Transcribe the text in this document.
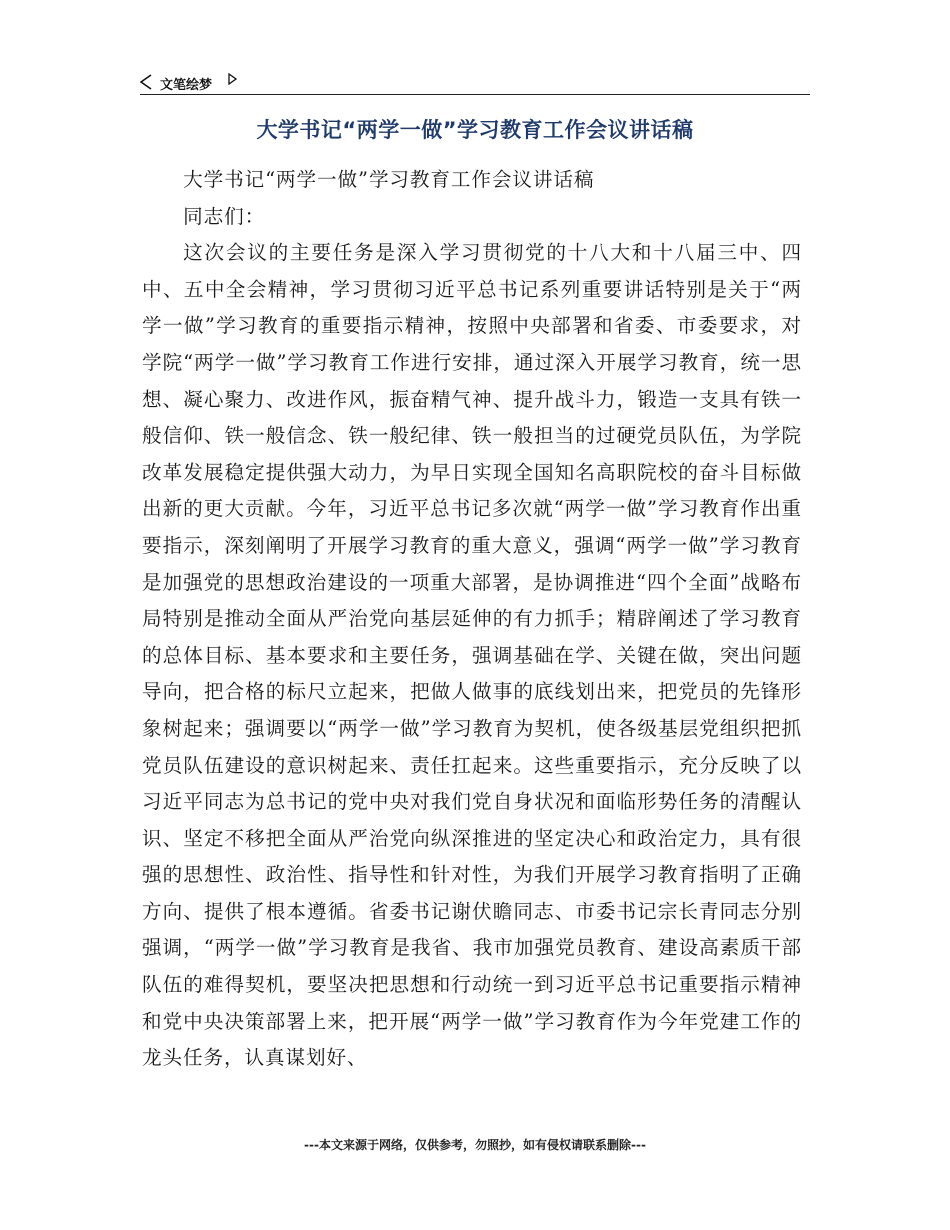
文笔绘梦
大学书记“两学一做”学习教育工作会议讲话稿

大学书记“两学一做”学习教育工作会议讲话稿

同志们：

这次会议的主要任务是深入学习贯彻党的十八大和十八届三中、四中、五中全会精神，学习贯彻习近平总书记系列重要讲话特别是关于“两学一做”学习教育的重要指示精神，按照中央部署和省委、市委要求，对学院“两学一做”学习教育工作进行安排，通过深入开展学习教育，统一思想、凝心聚力、改进作风，振奋精气神、提升战斗力，锻造一支具有铁一般信仰、铁一般信念、铁一般纪律、铁一般担当的过硬党员队伍，为学院改革发展稳定提供强大动力，为早日实现全国知名高职院校的奋斗目标做出新的更大贡献。今年，习近平总书记多次就“两学一做”学习教育作出重要指示，深刻阐明了开展学习教育的重大意义，强调“两学一做”学习教育是加强党的思想政治建设的一项重大部署，是协调推进“四个全面”战略布局特别是推动全面从严治党向基层延伸的有力抓手；精辟阐述了学习教育的总体目标、基本要求和主要任务，强调基础在学、关键在做，突出问题导向，把合格的标尺立起来，把做人做事的底线划出来，把党员的先锋形象树起来；强调要以“两学一做”学习教育为契机，使各级基层党组织把抓党员队伍建设的意识树起来、责任扛起来。这些重要指示，充分反映了以习近平同志为总书记的党中央对我们党自身状况和面临形势任务的清醒认识、坚定不移把全面从严治党向纵深推进的坚定决心和政治定力，具有很强的思想性、政治性、指导性和针对性，为我们开展学习教育指明了正确方向、提供了根本遵循。省委书记谢伏瞻同志、市委书记宗长青同志分别强调，“两学一做”学习教育是我省、我市加强党员教育、建设高素质干部队伍的难得契机，要坚决把思想和行动统一到习近平总书记重要指示精神和党中央决策部署上来，把开展“两学一做”学习教育作为今年党建工作的龙头任务，认真谋划好、

---本文来源于网络，仅供参考，勿照抄，如有侵权请联系删除---
